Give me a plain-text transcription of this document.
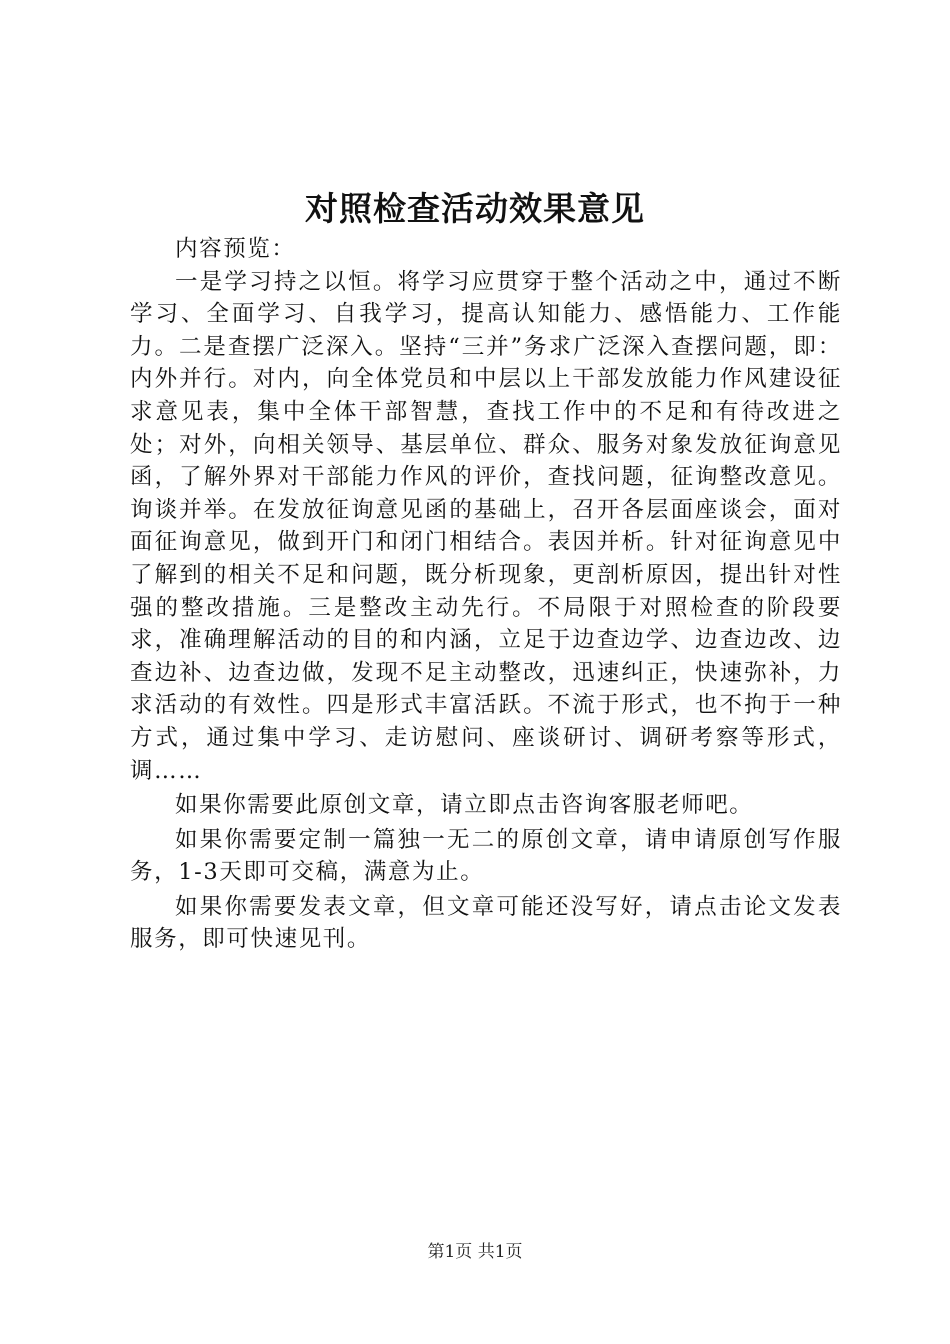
对照检查活动效果意见

内容预览：

一是学习持之以恒。将学习应贯穿于整个活动之中，通过不断学习、全面学习、自我学习，提高认知能力、感悟能力、工作能力。二是查摆广泛深入。坚持“三并”务求广泛深入查摆问题，即：内外并行。对内，向全体党员和中层以上干部发放能力作风建设征求意见表，集中全体干部智慧，查找工作中的不足和有待改进之处；对外，向相关领导、基层单位、群众、服务对象发放征询意见函，了解外界对干部能力作风的评价，查找问题，征询整改意见。询谈并举。在发放征询意见函的基础上，召开各层面座谈会，面对面征询意见，做到开门和闭门相结合。表因并析。针对征询意见中了解到的相关不足和问题，既分析现象，更剖析原因，提出针对性强的整改措施。三是整改主动先行。不局限于对照检查的阶段要求，准确理解活动的目的和内涵，立足于边查边学、边查边改、边查边补、边查边做，发现不足主动整改，迅速纠正，快速弥补，力求活动的有效性。四是形式丰富活跃。不流于形式，也不拘于一种方式，通过集中学习、走访慰问、座谈研讨、调研考察等形式，调……

如果你需要此原创文章，请立即点击咨询客服老师吧。

如果你需要定制一篇独一无二的原创文章，请申请原创写作服务，1-3天即可交稿，满意为止。

如果你需要发表文章，但文章可能还没写好，请点击论文发表服务，即可快速见刊。

第1页 共1页
